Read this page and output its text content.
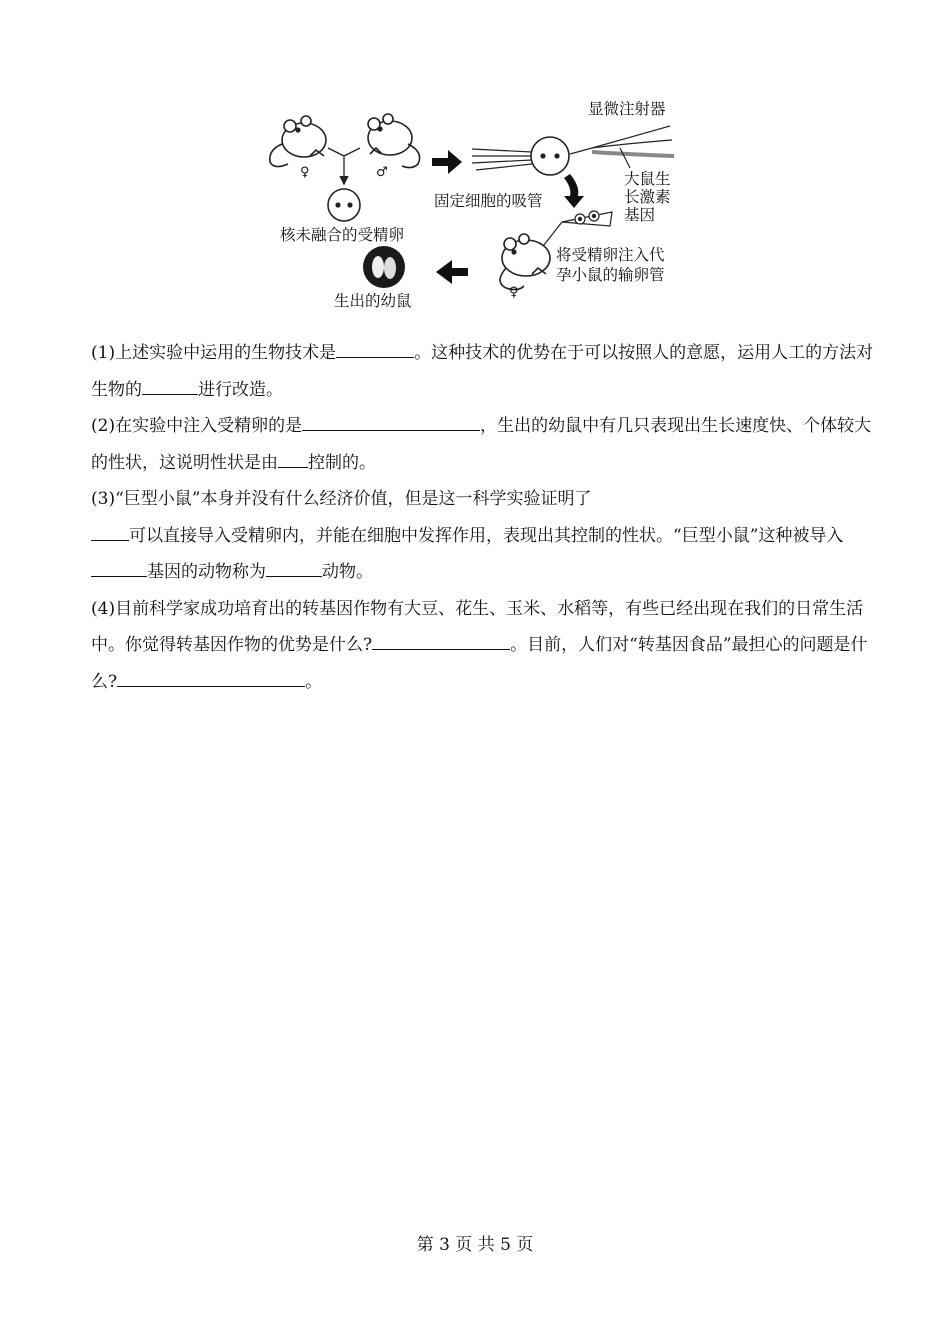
♀	♂
核未融合的受精卵
生出的幼鼠
固定细胞的吸管
显微注射器
大鼠生
长激素
基因
♀
将受精卵注入代
孕小鼠的输卵管

(1)上述实验中运用的生物技术是	。这种技术的优势在于可以按照人的意愿，运用人工的方法对生物的	进行改造。

(2)在实验中注入受精卵的是	，生出的幼鼠中有几只表现出生长速度快、个体较大的性状，这说明性状是由 控制的。

(3)“巨型小鼠”本身并没有什么经济价值，但是这一科学实验证明了
可以直接导入受精卵内，并能在细胞中发挥作用，表现出其控制的性状。“巨型小鼠”这种被导入基因的动物称为	动物。

(4)目前科学家成功培育出的转基因作物有大豆、花生、玉米、水稻等，有些已经出现在我们的日常生活中。你觉得转基因作物的优势是什么?	。目前，人们对“转基因食品”最担心的问题是什么?	。

第 3 页 共 5 页
